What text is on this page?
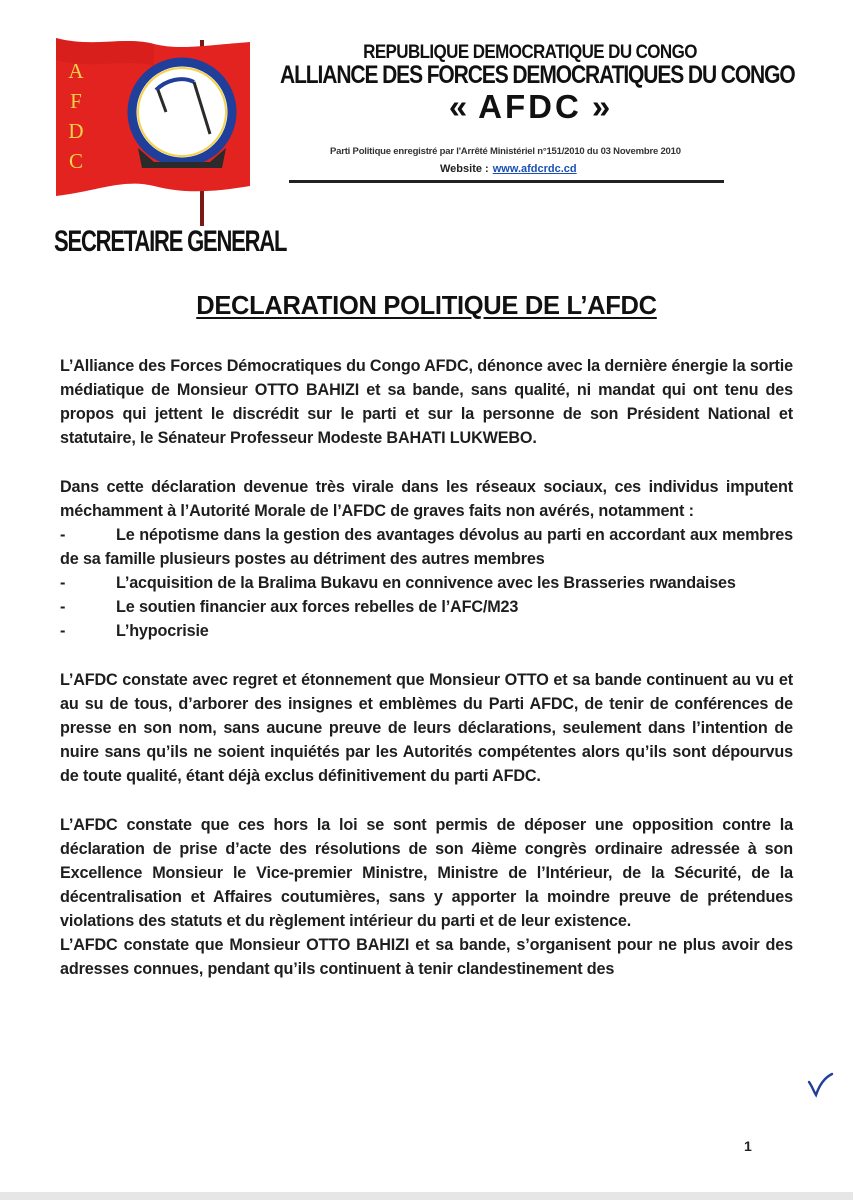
A
F
D
C
SECRETAIRE GENERAL
REPUBLIQUE DEMOCRATIQUE DU CONGO
ALLIANCE DES FORCES DEMOCRATIQUES DU CONGO
« AFDC »
Parti Politique enregistré par l'Arrêté Ministériel n°151/2010 du 03 Novembre 2010
Website : www.afdcrdc.cd
DECLARATION POLITIQUE DE L’AFDC

L’Alliance des Forces Démocratiques du Congo AFDC, dénonce avec la dernière énergie la sortie médiatique de Monsieur OTTO BAHIZI et sa bande, sans qualité, ni mandat qui ont tenu des propos qui jettent le discrédit sur le parti et sur la personne de son Président National et statutaire, le Sénateur Professeur Modeste BAHATI LUKWEBO.

Dans cette déclaration devenue très virale dans les réseaux sociaux, ces individus imputent méchamment à l’Autorité Morale de l’AFDC de graves faits non avérés, notamment :

-	Le népotisme dans la gestion des avantages dévolus au parti en accordant aux membres de sa famille plusieurs postes au détriment des autres membres
-	L’acquisition de la Bralima Bukavu en connivence avec les Brasseries rwandaises
-	Le soutien financier aux forces rebelles de l’AFC/M23
-	L’hypocrisie

L’AFDC constate avec regret et étonnement que Monsieur OTTO et sa bande continuent au vu et au su de tous, d’arborer des insignes et emblèmes du Parti AFDC, de tenir de conférences de presse en son nom, sans aucune preuve de leurs déclarations, seulement dans l’intention de nuire sans qu’ils ne soient inquiétés par les Autorités compétentes alors qu’ils sont dépourvus de toute qualité, étant déjà exclus définitivement du parti AFDC.

L’AFDC constate que ces hors la loi se sont permis de déposer une opposition contre la déclaration de prise d’acte des résolutions de son 4ième congrès ordinaire adressée à son Excellence Monsieur le Vice-premier Ministre, Ministre de l’Intérieur, de la Sécurité, de la décentralisation et Affaires coutumières, sans y apporter la moindre preuve de prétendues violations des statuts et du règlement intérieur du parti et de leur existence.

L’AFDC constate que Monsieur OTTO BAHIZI et sa bande, s’organisent pour ne plus avoir des adresses connues, pendant qu’ils continuent à tenir clandestinement des

1
